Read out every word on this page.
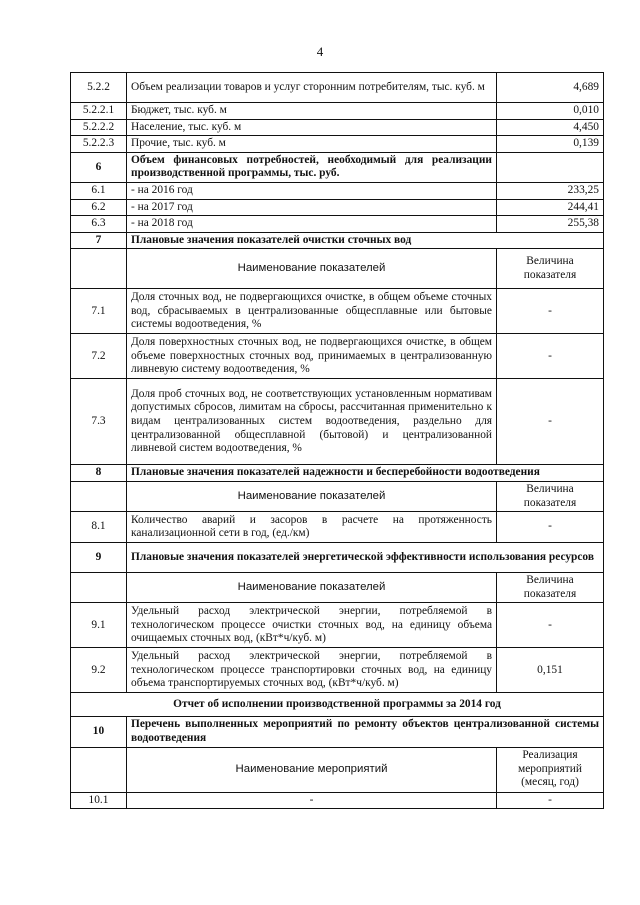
4
5.2.2	Объем реализации товаров и услуг сторонним потребителям, тыс. куб. м	4,689
5.2.2.1	Бюджет, тыс. куб. м	0,010
5.2.2.2	Население, тыс. куб. м	4,450
5.2.2.3	Прочие, тыс. куб. м	0,139
6	Объем финансовых потребностей, необходимый для реализации производственной программы, тыс. руб.	
6.1	- на 2016 год	233,25
6.2	- на 2017 год	244,41
6.3	- на 2018 год	255,38
7	Плановые значения показателей очистки сточных вод	
	Наименование показателей	Величина показателя
7.1	Доля сточных вод, не подвергающихся очистке, в общем объеме сточных вод, сбрасываемых в централизованные общесплавные или бытовые системы водоотведения, %	-
7.2	Доля поверхностных сточных вод, не подвергающихся очистке, в общем объеме поверхностных сточных вод, принимаемых в централизованную ливневую систему водоотведения, %	-
7.3	Доля проб сточных вод, не соответствующих установленным нормативам допустимых сбросов, лимитам на сбросы, рассчитанная применительно к видам централизованных систем водоотведения, раздельно для централизованной общесплавной (бытовой) и централизованной ливневой систем водоотведения, %	-
8	Плановые значения показателей надежности и бесперебойности водоотведения	
	Наименование показателей	Величина показателя
8.1	Количество аварий и засоров в расчете на протяженность канализационной сети в год, (ед./км)	-
9	Плановые значения показателей энергетической эффективности использования ресурсов	
	Наименование показателей	Величина показателя
9.1	Удельный расход электрической энергии, потребляемой в технологическом процессе очистки сточных вод, на единицу объема очищаемых сточных вод, (кВт*ч/куб. м)	-
9.2	Удельный расход электрической энергии, потребляемой в технологическом процессе транспортировки сточных вод, на единицу объема транспортируемых сточных вод, (кВт*ч/куб. м)	0,151
Отчет об исполнении производственной программы за 2014 год		
10	Перечень выполненных мероприятий по ремонту объектов централизованной системы водоотведения	
	Наименование мероприятий	Реализация мероприятий (месяц, год)
10.1	-	-
